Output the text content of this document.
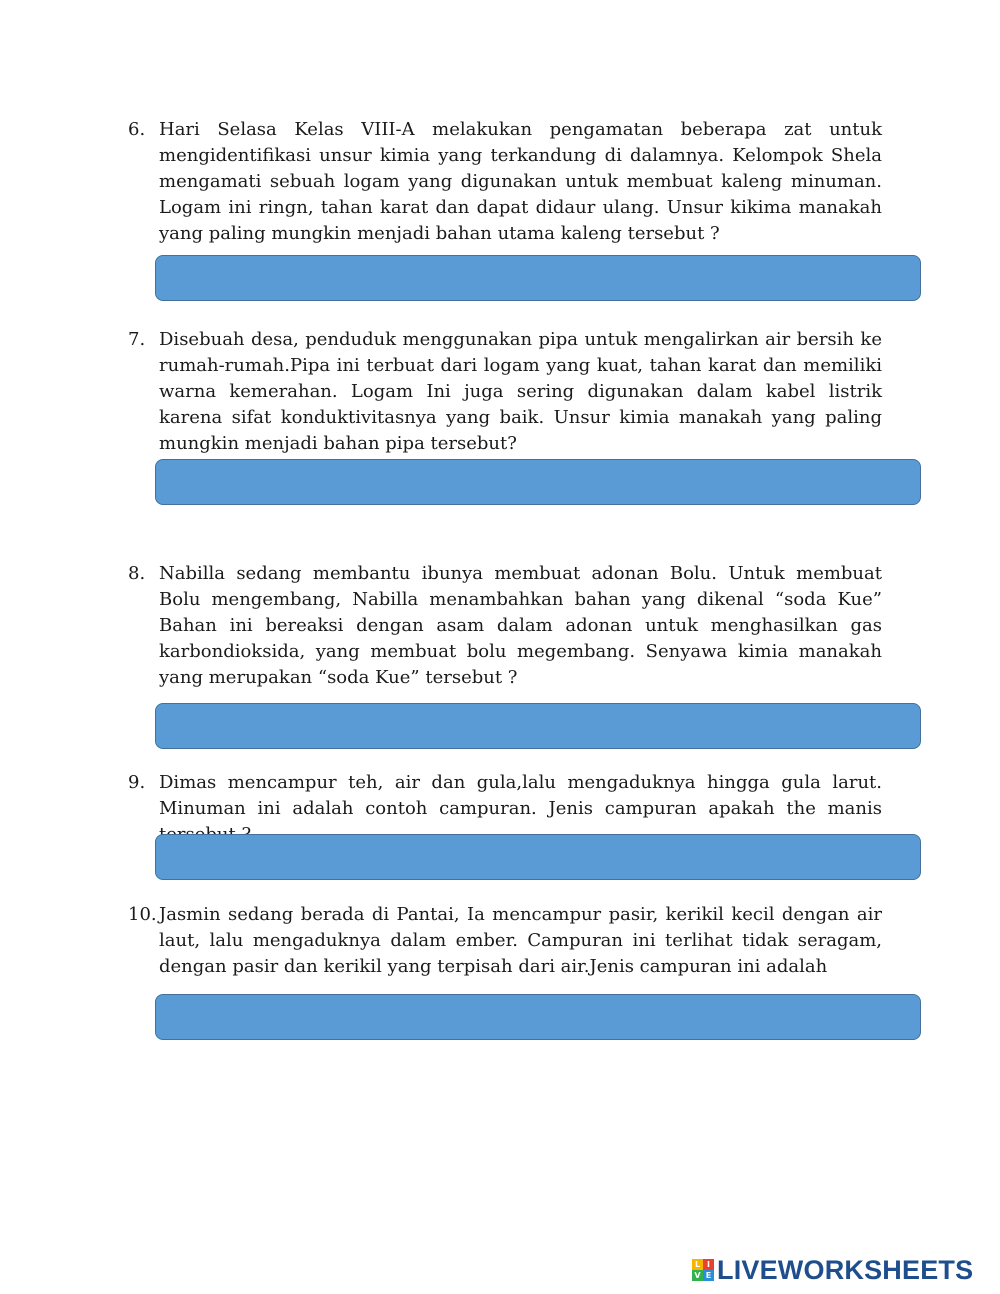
6. Hari Selasa Kelas VIII-A melakukan pengamatan beberapa zat untuk mengidentifikasi unsur kimia yang terkandung di dalamnya. Kelompok Shela mengamati sebuah logam yang digunakan untuk membuat kaleng minuman. Logam ini ringn, tahan karat dan dapat didaur ulang. Unsur kikima manakah yang paling mungkin menjadi bahan utama kaleng tersebut ?

7. Disebuah desa, penduduk menggunakan pipa untuk mengalirkan air bersih ke rumah-rumah.Pipa ini terbuat dari logam yang kuat, tahan karat dan memiliki warna kemerahan. Logam Ini juga sering digunakan dalam kabel listrik karena sifat konduktivitasnya yang baik. Unsur kimia manakah yang paling mungkin menjadi bahan pipa tersebut?

8. Nabilla sedang membantu ibunya membuat adonan Bolu. Untuk membuat Bolu mengembang, Nabilla menambahkan bahan yang dikenal “soda Kue” Bahan ini bereaksi dengan asam dalam adonan untuk menghasilkan gas karbondioksida, yang membuat bolu megembang. Senyawa kimia manakah yang merupakan “soda Kue” tersebut ?

9. Dimas mencampur teh, air dan gula,lalu mengaduknya hingga gula larut. Minuman ini adalah contoh campuran. Jenis campuran apakah the manis

10. Jasmin sedang berada di Pantai, Ia mencampur pasir, kerikil kecil dengan air laut, lalu mengaduknya dalam ember. Campuran ini terlihat tidak seragam, dengan pasir dan kerikil yang terpisah dari air.Jenis campuran ini adalah

L I
V E LIVEWORKSHEETS
